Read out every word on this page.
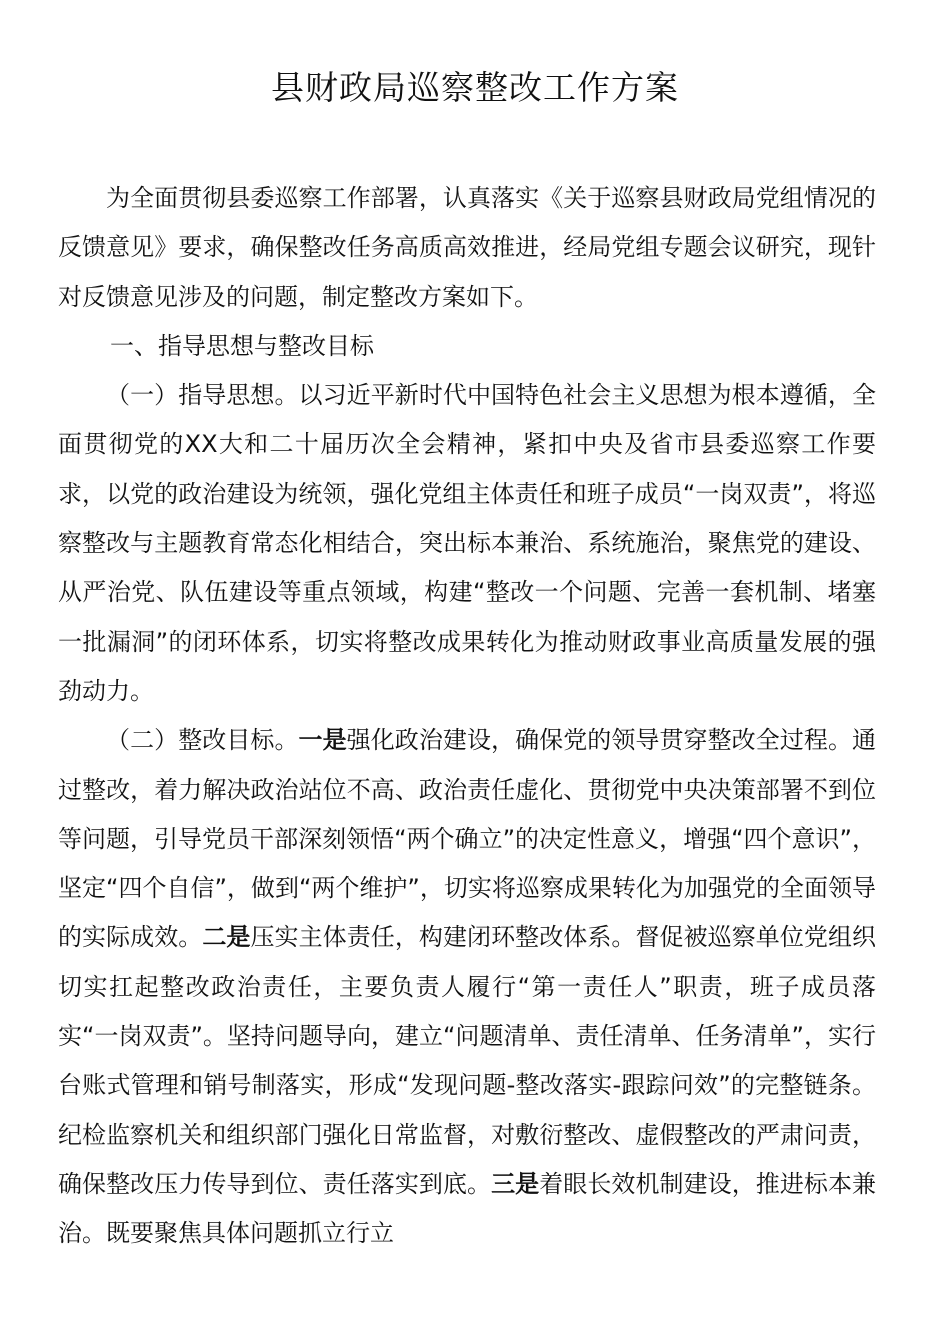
县财政局巡察整改工作方案

为全面贯彻县委巡察工作部署，认真落实《关于巡察县财政局党组情况的反馈意见》要求，确保整改任务高质高效推进，经局党组专题会议研究，现针对反馈意见涉及的问题，制定整改方案如下。

一、指导思想与整改目标

（一）指导思想。以习近平新时代中国特色社会主义思想为根本遵循，全面贯彻党的XX大和二十届历次全会精神，紧扣中央及省市县委巡察工作要求，以党的政治建设为统领，强化党组主体责任和班子成员“一岗双责”，将巡察整改与主题教育常态化相结合，突出标本兼治、系统施治，聚焦党的建设、从严治党、队伍建设等重点领域，构建“整改一个问题、完善一套机制、堵塞一批漏洞”的闭环体系，切实将整改成果转化为推动财政事业高质量发展的强劲动力。

（二）整改目标。一是强化政治建设，确保党的领导贯穿整改全过程。通过整改，着力解决政治站位不高、政治责任虚化、贯彻党中央决策部署不到位等问题，引导党员干部深刻领悟“两个确立”的决定性意义，增强“四个意识”，坚定“四个自信”，做到“两个维护”，切实将巡察成果转化为加强党的全面领导的实际成效。二是压实主体责任，构建闭环整改体系。督促被巡察单位党组织切实扛起整改政治责任，主要负责人履行“第一责任人”职责，班子成员落实“一岗双责”。坚持问题导向，建立“问题清单、责任清单、任务清单”，实行台账式管理和销号制落实，形成“发现问题-整改落实-跟踪问效”的完整链条。纪检监察机关和组织部门强化日常监督，对敷衍整改、虚假整改的严肃问责，确保整改压力传导到位、责任落实到底。三是着眼长效机制建设，推进标本兼治。既要聚焦具体问题抓立行立
